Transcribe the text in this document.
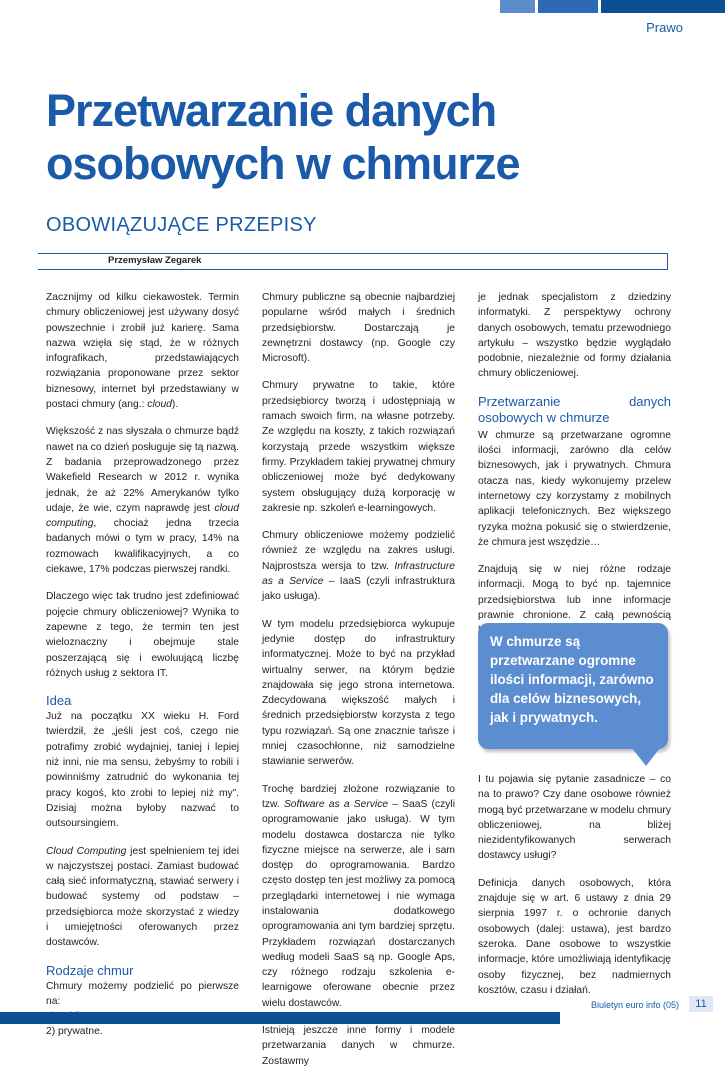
Prawo
Przetwarzanie danych osobowych w chmurze
OBOWIĄZUJĄCE PRZEPISY
Przemysław Zegarek

Zacznijmy od kilku ciekawostek. Termin chmury obliczeniowej jest używany dosyć powszechnie i zrobił już karierę. Sama nazwa wzięła się stąd, że w różnych infografikach, przedstawiających rozwiązania proponowane przez sektor biznesowy, internet był przedstawiany w postaci chmury (ang.: cloud).

Większość z nas słyszała o chmurze bądź nawet na co dzień posługuje się tą nazwą. Z badania przeprowadzonego przez Wakefield Research w 2012 r. wynika jednak, że aż 22% Amerykanów tylko udaje, że wie, czym naprawdę jest cloud computing, chociaż jedna trzecia badanych mówi o tym w pracy, 14% na rozmowach kwalifikacyjnych, a co ciekawe, 17% podczas pierwszej randki.

Dlaczego więc tak trudno jest zdefiniować pojęcie chmury obliczeniowej? Wynika to zapewne z tego, że termin ten jest wieloznaczny i obejmuje stale poszerzającą się i ewoluującą liczbę różnych usług z sektora IT.

Idea

Już na początku XX wieku H. Ford twierdził, że „jeśli jest coś, czego nie potrafimy zrobić wydajniej, taniej i lepiej niż inni, nie ma sensu, żebyśmy to robili i powinniśmy zatrudnić do wykonania tej pracy kogoś, kto zrobi to lepiej niż my”. Dzisiaj można byłoby nazwać to outsoursingiem.

Cloud Computing jest spełnieniem tej idei w najczystszej postaci. Zamiast budować całą sieć informatyczną, stawiać serwery i budować systemy od podstaw – przedsiębiorca może skorzystać z wiedzy i umiejętności oferowanych przez dostawców.

Rodzaje chmur

Chmury możemy podzielić po pierwsze na:

2) prywatne.

Chmury publiczne są obecnie najbardziej popularne wśród małych i średnich przedsiębiorstw. Dostarczają je zewnętrzni dostawcy (np. Google czy Microsoft).

Chmury prywatne to takie, które przedsiębiorcy tworzą i udostępniają w ramach swoich firm, na własne potrzeby. Ze względu na koszty, z takich rozwiązań korzystają przede wszystkim większe firmy. Przykładem takiej prywatnej chmury obliczeniowej może być dedykowany system obsługujący dużą korporację w zakresie np. szkoleń e-learningowych.

Chmury obliczeniowe możemy podzielić również ze względu na zakres usługi. Najprostsza wersja to tzw. Infrastructure as a Service – IaaS (czyli infrastruktura jako usługa).

W tym modelu przedsiębiorca wykupuje jedynie dostęp do infrastruktury informatycznej. Może to być na przykład wirtualny serwer, na którym będzie znajdowała się jego strona internetowa. Zdecydowana większość małych i średnich przedsiębiorstw korzysta z tego typu rozwiązań. Są one znacznie tańsze i mniej czasochłonne, niż samodzielne stawianie serwerów.

Trochę bardziej złożone rozwiązanie to tzw. Software as a Service – SaaS (czyli oprogramowanie jako usługa). W tym modelu dostawca dostarcza nie tylko fizyczne miejsce na serwerze, ale i sam dostęp do oprogramowania. Bardzo często dostęp ten jest możliwy za pomocą przeglądarki internetowej i nie wymaga instalowania dodatkowego oprogramowania ani tym bardziej sprzętu. Przykładem rozwiązań dostarczanych według modeli SaaS są np. Google Aps, czy różnego rodzaju szkolenia e-learnigowe oferowane obecnie przez wielu dostawców.

Istnieją jeszcze inne formy i modele przetwarzania danych w chmurze. Zostawmy

je jednak specjalistom z dziedziny informatyki. Z perspektywy ochrony danych osobowych, tematu przewodniego artykułu – wszystko będzie wyglądało podobnie, niezależnie od formy działania chmury obliczeniowej.

Przetwarzanie danych osobowych w chmurze

W chmurze są przetwarzane ogromne ilości informacji, zarówno dla celów biznesowych, jak i prywatnych. Chmura otacza nas, kiedy wykonujemy przelew internetowy czy korzystamy z mobilnych aplikacji telefonicznych. Bez większego ryzyka można pokusić się o stwierdzenie, że chmura jest wszędzie…

Znajdują się w niej różne rodzaje informacji. Mogą to być np. tajemnice przedsiębiorstwa lub inne informacje prawnie chronione. Z całą pewnością

W chmurze są przetwarzane ogromne ilości informacji, zarówno dla celów biznesowych, jak i prywatnych.

I tu pojawia się pytanie zasadnicze – co na to prawo? Czy dane osobowe również mogą być przetwarzane w modelu chmury obliczeniowej, na bliżej niezidentyfikowanych serwerach dostawcy usługi?

Definicja danych osobowych, która znajduje się w art. 6 ustawy z dnia 29 sierpnia 1997 r. o ochronie danych osobowych (dalej: ustawa), jest bardzo szeroka. Dane osobowe to wszystkie informacje, które umożliwiają identyfikację osoby fizycznej, bez nadmiernych kosztów, czasu i działań.

Biuletyn euro info (05)	11
